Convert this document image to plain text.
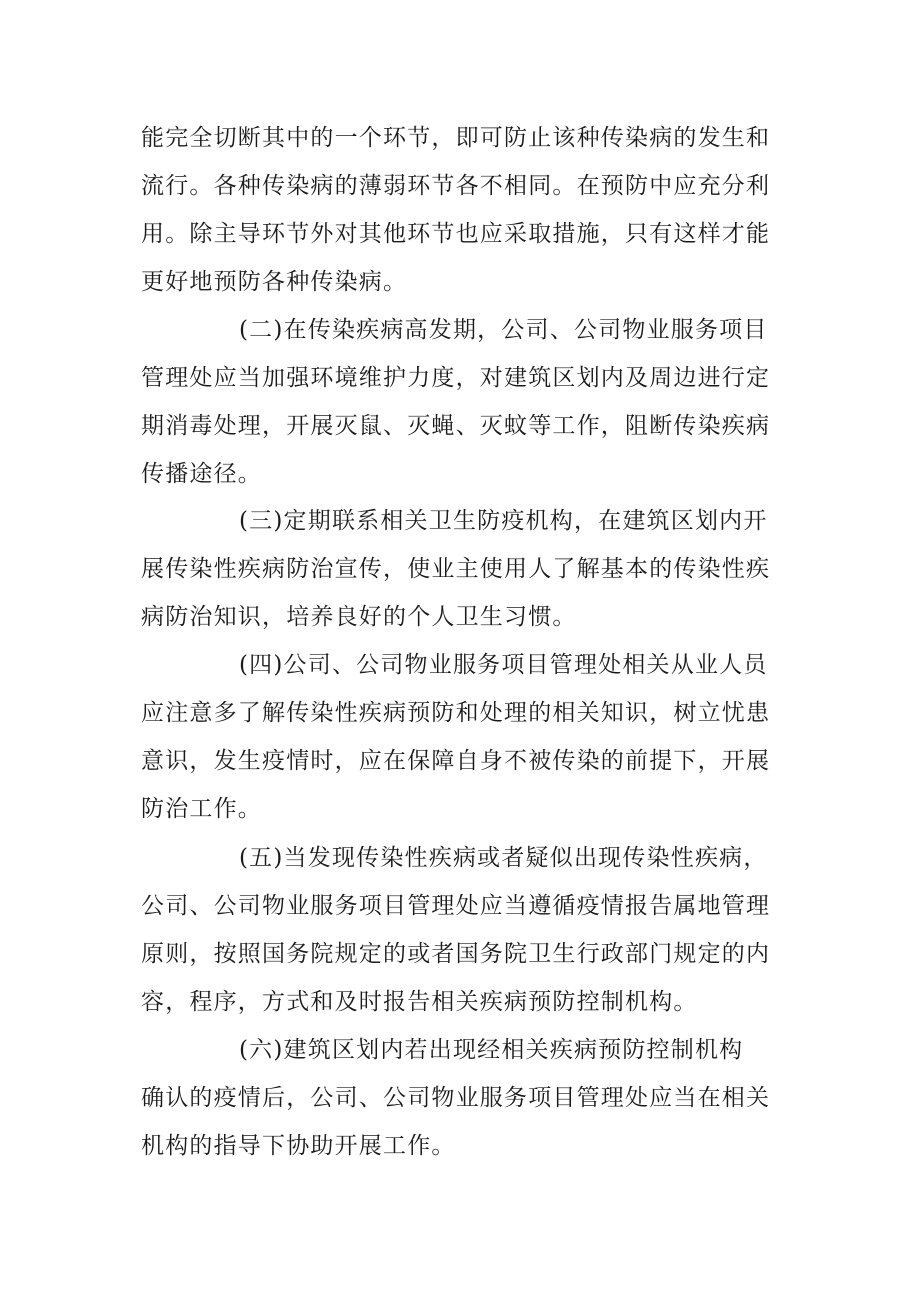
能完全切断其中的一个环节，即可防止该种传染病的发生和
流行。各种传染病的薄弱环节各不相同。在预防中应充分利
用。除主导环节外对其他环节也应采取措施，只有这样才能
更好地预防各种传染病。
(二)在传染疾病高发期，公司、公司物业服务项目
管理处应当加强环境维护力度，对建筑区划内及周边进行定
期消毒处理，开展灭鼠、灭蝇、灭蚊等工作，阻断传染疾病
传播途径。
(三)定期联系相关卫生防疫机构，在建筑区划内开
展传染性疾病防治宣传，使业主使用人了解基本的传染性疾
病防治知识，培养良好的个人卫生习惯。
(四)公司、公司物业服务项目管理处相关从业人员
应注意多了解传染性疾病预防和处理的相关知识，树立忧患
意识，发生疫情时，应在保障自身不被传染的前提下，开展
防治工作。
(五)当发现传染性疾病或者疑似出现传染性疾病，
公司、公司物业服务项目管理处应当遵循疫情报告属地管理
原则，按照国务院规定的或者国务院卫生行政部门规定的内
容，程序，方式和及时报告相关疾病预防控制机构。
(六)建筑区划内若出现经相关疾病预防控制机构
确认的疫情后，公司、公司物业服务项目管理处应当在相关
机构的指导下协助开展工作。
